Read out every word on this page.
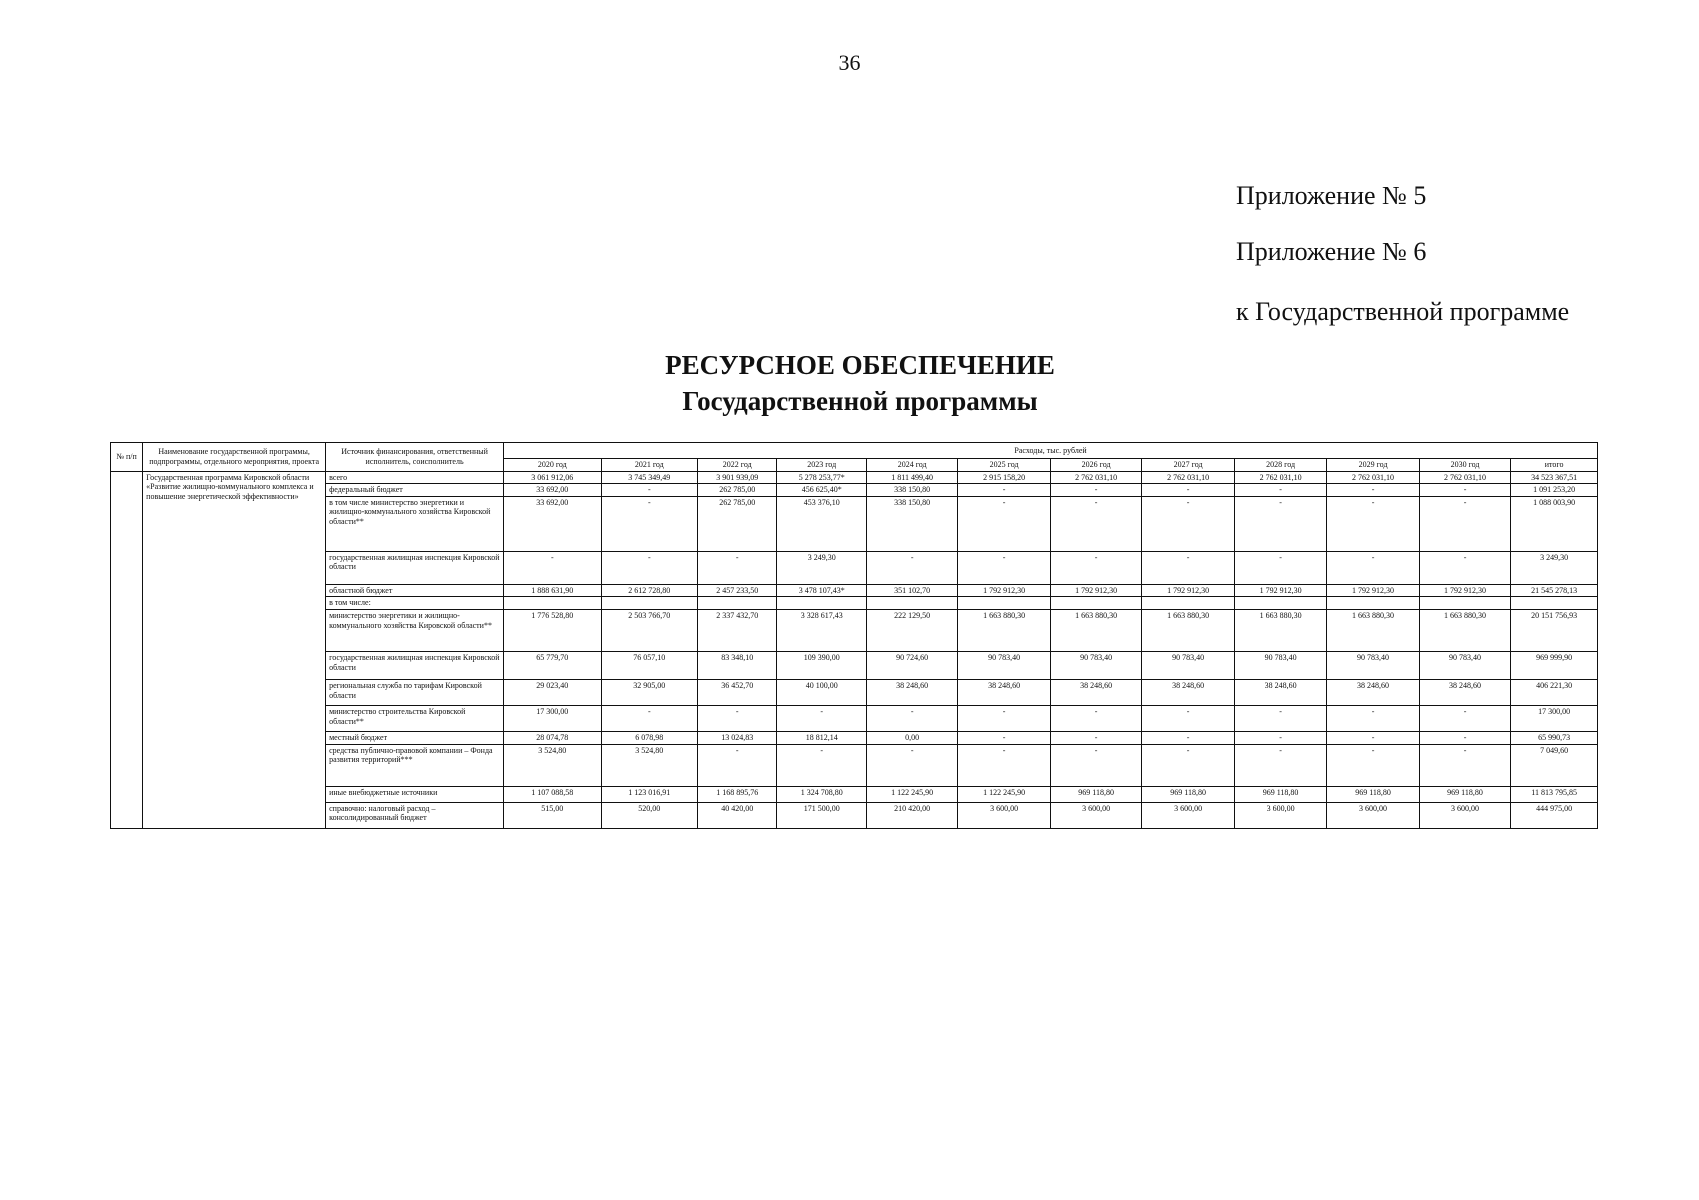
36
Приложение № 5
Приложение № 6
к Государственной программе
РЕСУРСНОЕ ОБЕСПЕЧЕНИЕ
Государственной программы
№ п/п	Наименование государственной программы, подпрограммы, отдельного мероприятия, проекта	Источник финансирования, ответственный исполнитель, соисполнитель	Расходы, тыс. рублей											
			2020 год	2021 год	2022 год	2023 год	2024 год	2025 год	2026 год	2027 год	2028 год	2029 год	2030 год	итого
	Государственная программа Кировской области «Развитие жилищно-коммунального комплекса и повышение энергетической эффективности»	всего	3 061 912,06	3 745 349,49	3 901 939,09	5 278 253,77*	1 811 499,40	2 915 158,20	2 762 031,10	2 762 031,10	2 762 031,10	2 762 031,10	2 762 031,10	34 523 367,51
		федеральный бюджет	33 692,00	-	262 785,00	456 625,40*	338 150,80	-	-	-	-	-	-	1 091 253,20
		в том числе министерство энергетики и жилищно-коммунального хозяйства Кировской области**	33 692,00	-	262 785,00	453 376,10	338 150,80	-	-	-	-	-	-	1 088 003,90
		государственная жилищная инспекция Кировской области	-	-	-	3 249,30	-	-	-	-	-	-	-	3 249,30
		областной бюджет	1 888 631,90	2 612 728,80	2 457 233,50	3 478 107,43*	351 102,70	1 792 912,30	1 792 912,30	1 792 912,30	1 792 912,30	1 792 912,30	1 792 912,30	21 545 278,13
		в том числе:												
		министерство энергетики и жилищно-коммунального хозяйства Кировской области**	1 776 528,80	2 503 766,70	2 337 432,70	3 328 617,43	222 129,50	1 663 880,30	1 663 880,30	1 663 880,30	1 663 880,30	1 663 880,30	1 663 880,30	20 151 756,93
		государственная жилищная инспекция Кировской области	65 779,70	76 057,10	83 348,10	109 390,00	90 724,60	90 783,40	90 783,40	90 783,40	90 783,40	90 783,40	90 783,40	969 999,90
		региональная служба по тарифам Кировской области	29 023,40	32 905,00	36 452,70	40 100,00	38 248,60	38 248,60	38 248,60	38 248,60	38 248,60	38 248,60	38 248,60	406 221,30
		министерство строительства Кировской области**	17 300,00	-	-	-	-	-	-	-	-	-	-	17 300,00
		местный бюджет	28 074,78	6 078,98	13 024,83	18 812,14	0,00	-	-	-	-	-	-	65 990,73
		средства публично-правовой компании – Фонда развития территорий***	3 524,80	3 524,80	-	-	-	-	-	-	-	-	-	7 049,60
		иные внебюджетные источники	1 107 088,58	1 123 016,91	1 168 895,76	1 324 708,80	1 122 245,90	1 122 245,90	969 118,80	969 118,80	969 118,80	969 118,80	969 118,80	11 813 795,85
		справочно: налоговый расход – консолидированный бюджет	515,00	520,00	40 420,00	171 500,00	210 420,00	3 600,00	3 600,00	3 600,00	3 600,00	3 600,00	3 600,00	444 975,00
